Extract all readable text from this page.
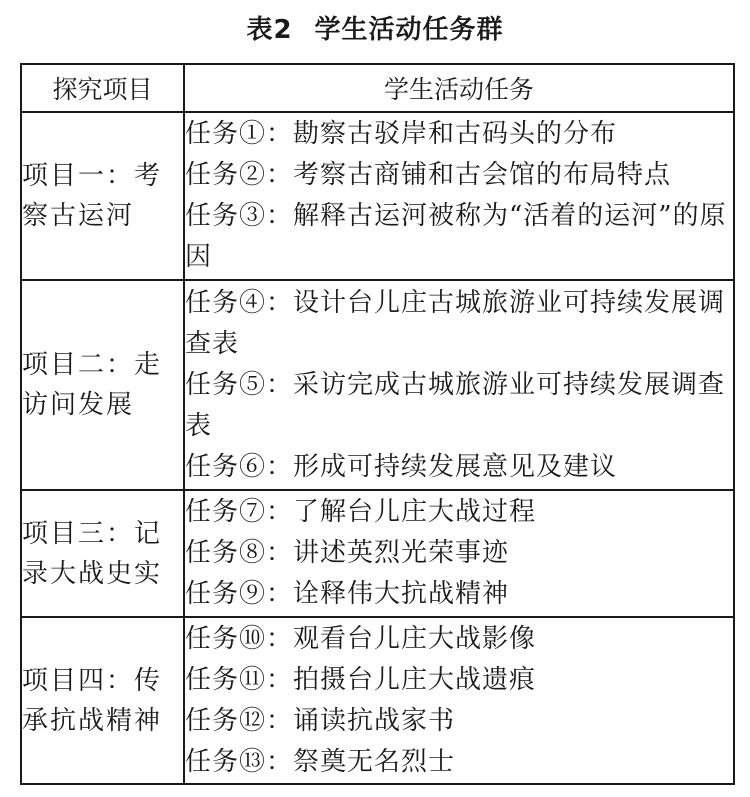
表2 学生活动任务群
探究项目	学生活动任务
项目一：考察古运河	任务①：勘察古驳岸和古码头的分布
任务②：考察古商铺和古会馆的布局特点
任务③：解释古运河被称为“活着的运河”的原因

项目二：走访问发展	任务④：设计台儿庄古城旅游业可持续发展调查表
任务⑤：采访完成古城旅游业可持续发展调查表
任务⑥：形成可持续发展意见及建议

项目三：记录大战史实	任务⑦：了解台儿庄大战过程
任务⑧：讲述英烈光荣事迹
任务⑨：诠释伟大抗战精神

项目四：传承抗战精神	任务⑩：观看台儿庄大战影像
任务⑪：拍摄台儿庄大战遗痕
任务⑫：诵读抗战家书
任务⑬：祭奠无名烈士
